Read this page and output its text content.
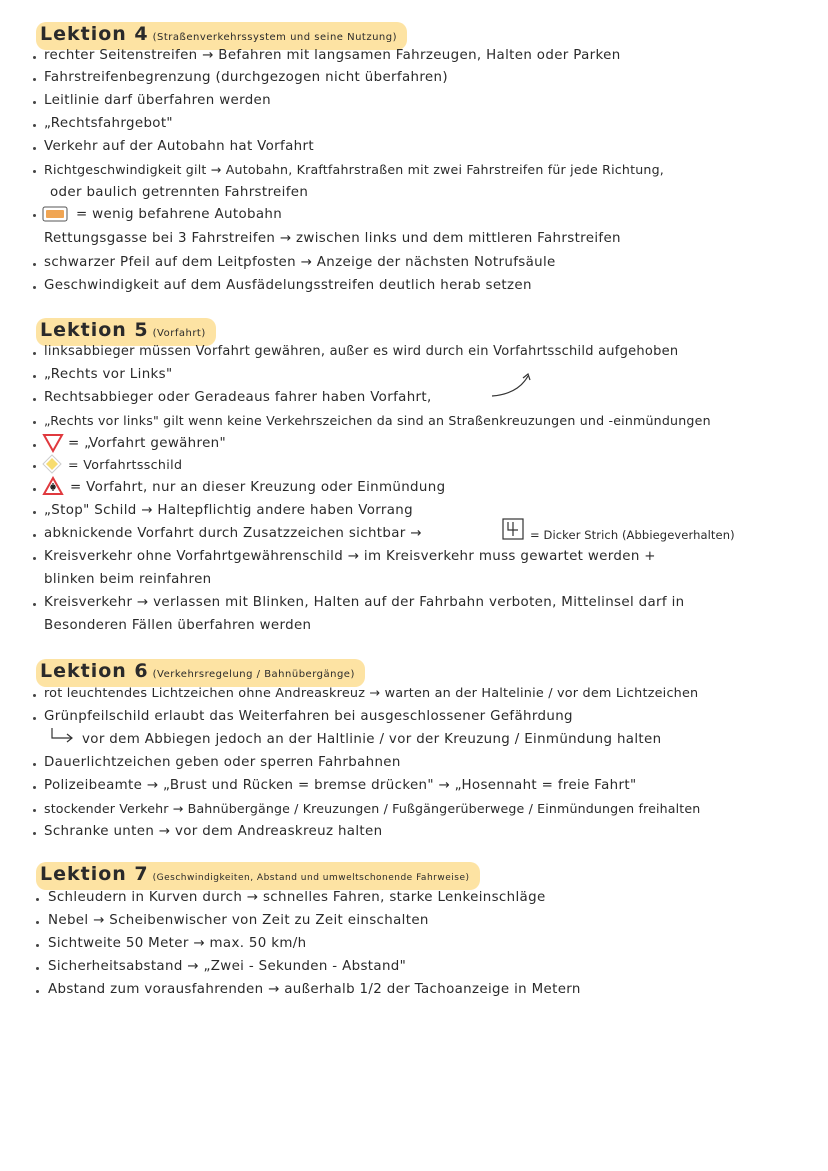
Lektion 4 (Straßenverkehrssystem und seine Nutzung)
rechter Seitenstreifen → Befahren mit langsamen Fahrzeugen, Halten oder Parken
Fahrstreifenbegrenzung (durchgezogen nicht überfahren)
Leitlinie darf überfahren werden
„Rechtsfahrgebot"
Verkehr auf der Autobahn hat Vorfahrt
Richtgeschwindigkeit gilt → Autobahn, Kraftfahrstraßen mit zwei Fahrstreifen für jede Richtung,
oder baulich getrennten Fahrstreifen
= wenig befahrene Autobahn
Rettungsgasse bei 3 Fahrstreifen → zwischen links und dem mittleren Fahrstreifen
schwarzer Pfeil auf dem Leitpfosten → Anzeige der nächsten Notrufsäule
Geschwindigkeit auf dem Ausfädelungsstreifen deutlich herab setzen
Lektion 5 (Vorfahrt)
linksabbieger müssen Vorfahrt gewähren, außer es wird durch ein Vorfahrtsschild aufgehoben
„Rechts vor Links"
Rechtsabbieger oder Geradeaus fahrer haben Vorfahrt,
„Rechts vor links" gilt wenn keine Verkehrszeichen da sind an Straßenkreuzungen und -einmündungen
= „Vorfahrt gewähren"
= Vorfahrtsschild
= Vorfahrt, nur an dieser Kreuzung oder Einmündung
„Stop" Schild → Haltepflichtig andere haben Vorrang
abknickende Vorfahrt durch Zusatzzeichen sichtbar →	= Dicker Strich (Abbiegeverhalten)
Kreisverkehr ohne Vorfahrtgewährenschild → im Kreisverkehr muss gewartet werden +
blinken beim reinfahren
Kreisverkehr → verlassen mit Blinken, Halten auf der Fahrbahn verboten, Mittelinsel darf in
Besonderen Fällen überfahren werden
Lektion 6 (Verkehrsregelung / Bahnübergänge)
rot leuchtendes Lichtzeichen ohne Andreaskreuz → warten an der Haltelinie / vor dem Lichtzeichen
Grünpfeilschild erlaubt das Weiterfahren bei ausgeschlossener Gefährdung
vor dem Abbiegen jedoch an der Haltlinie / vor der Kreuzung / Einmündung halten
Dauerlichtzeichen geben oder sperren Fahrbahnen
Polizeibeamte → „Brust und Rücken = bremse drücken" → „Hosennaht = freie Fahrt"
stockender Verkehr → Bahnübergänge / Kreuzungen / Fußgängerüberwege / Einmündungen freihalten
Schranke unten → vor dem Andreaskreuz halten
Lektion 7 (Geschwindigkeiten, Abstand und umweltschonende Fahrweise)
Schleudern in Kurven durch → schnelles Fahren, starke Lenkeinschläge
Nebel → Scheibenwischer von Zeit zu Zeit einschalten
Sichtweite 50 Meter → max. 50 km/h
Sicherheitsabstand → „Zwei - Sekunden - Abstand"
Abstand zum vorausfahrenden → außerhalb 1/2 der Tachoanzeige in Metern
